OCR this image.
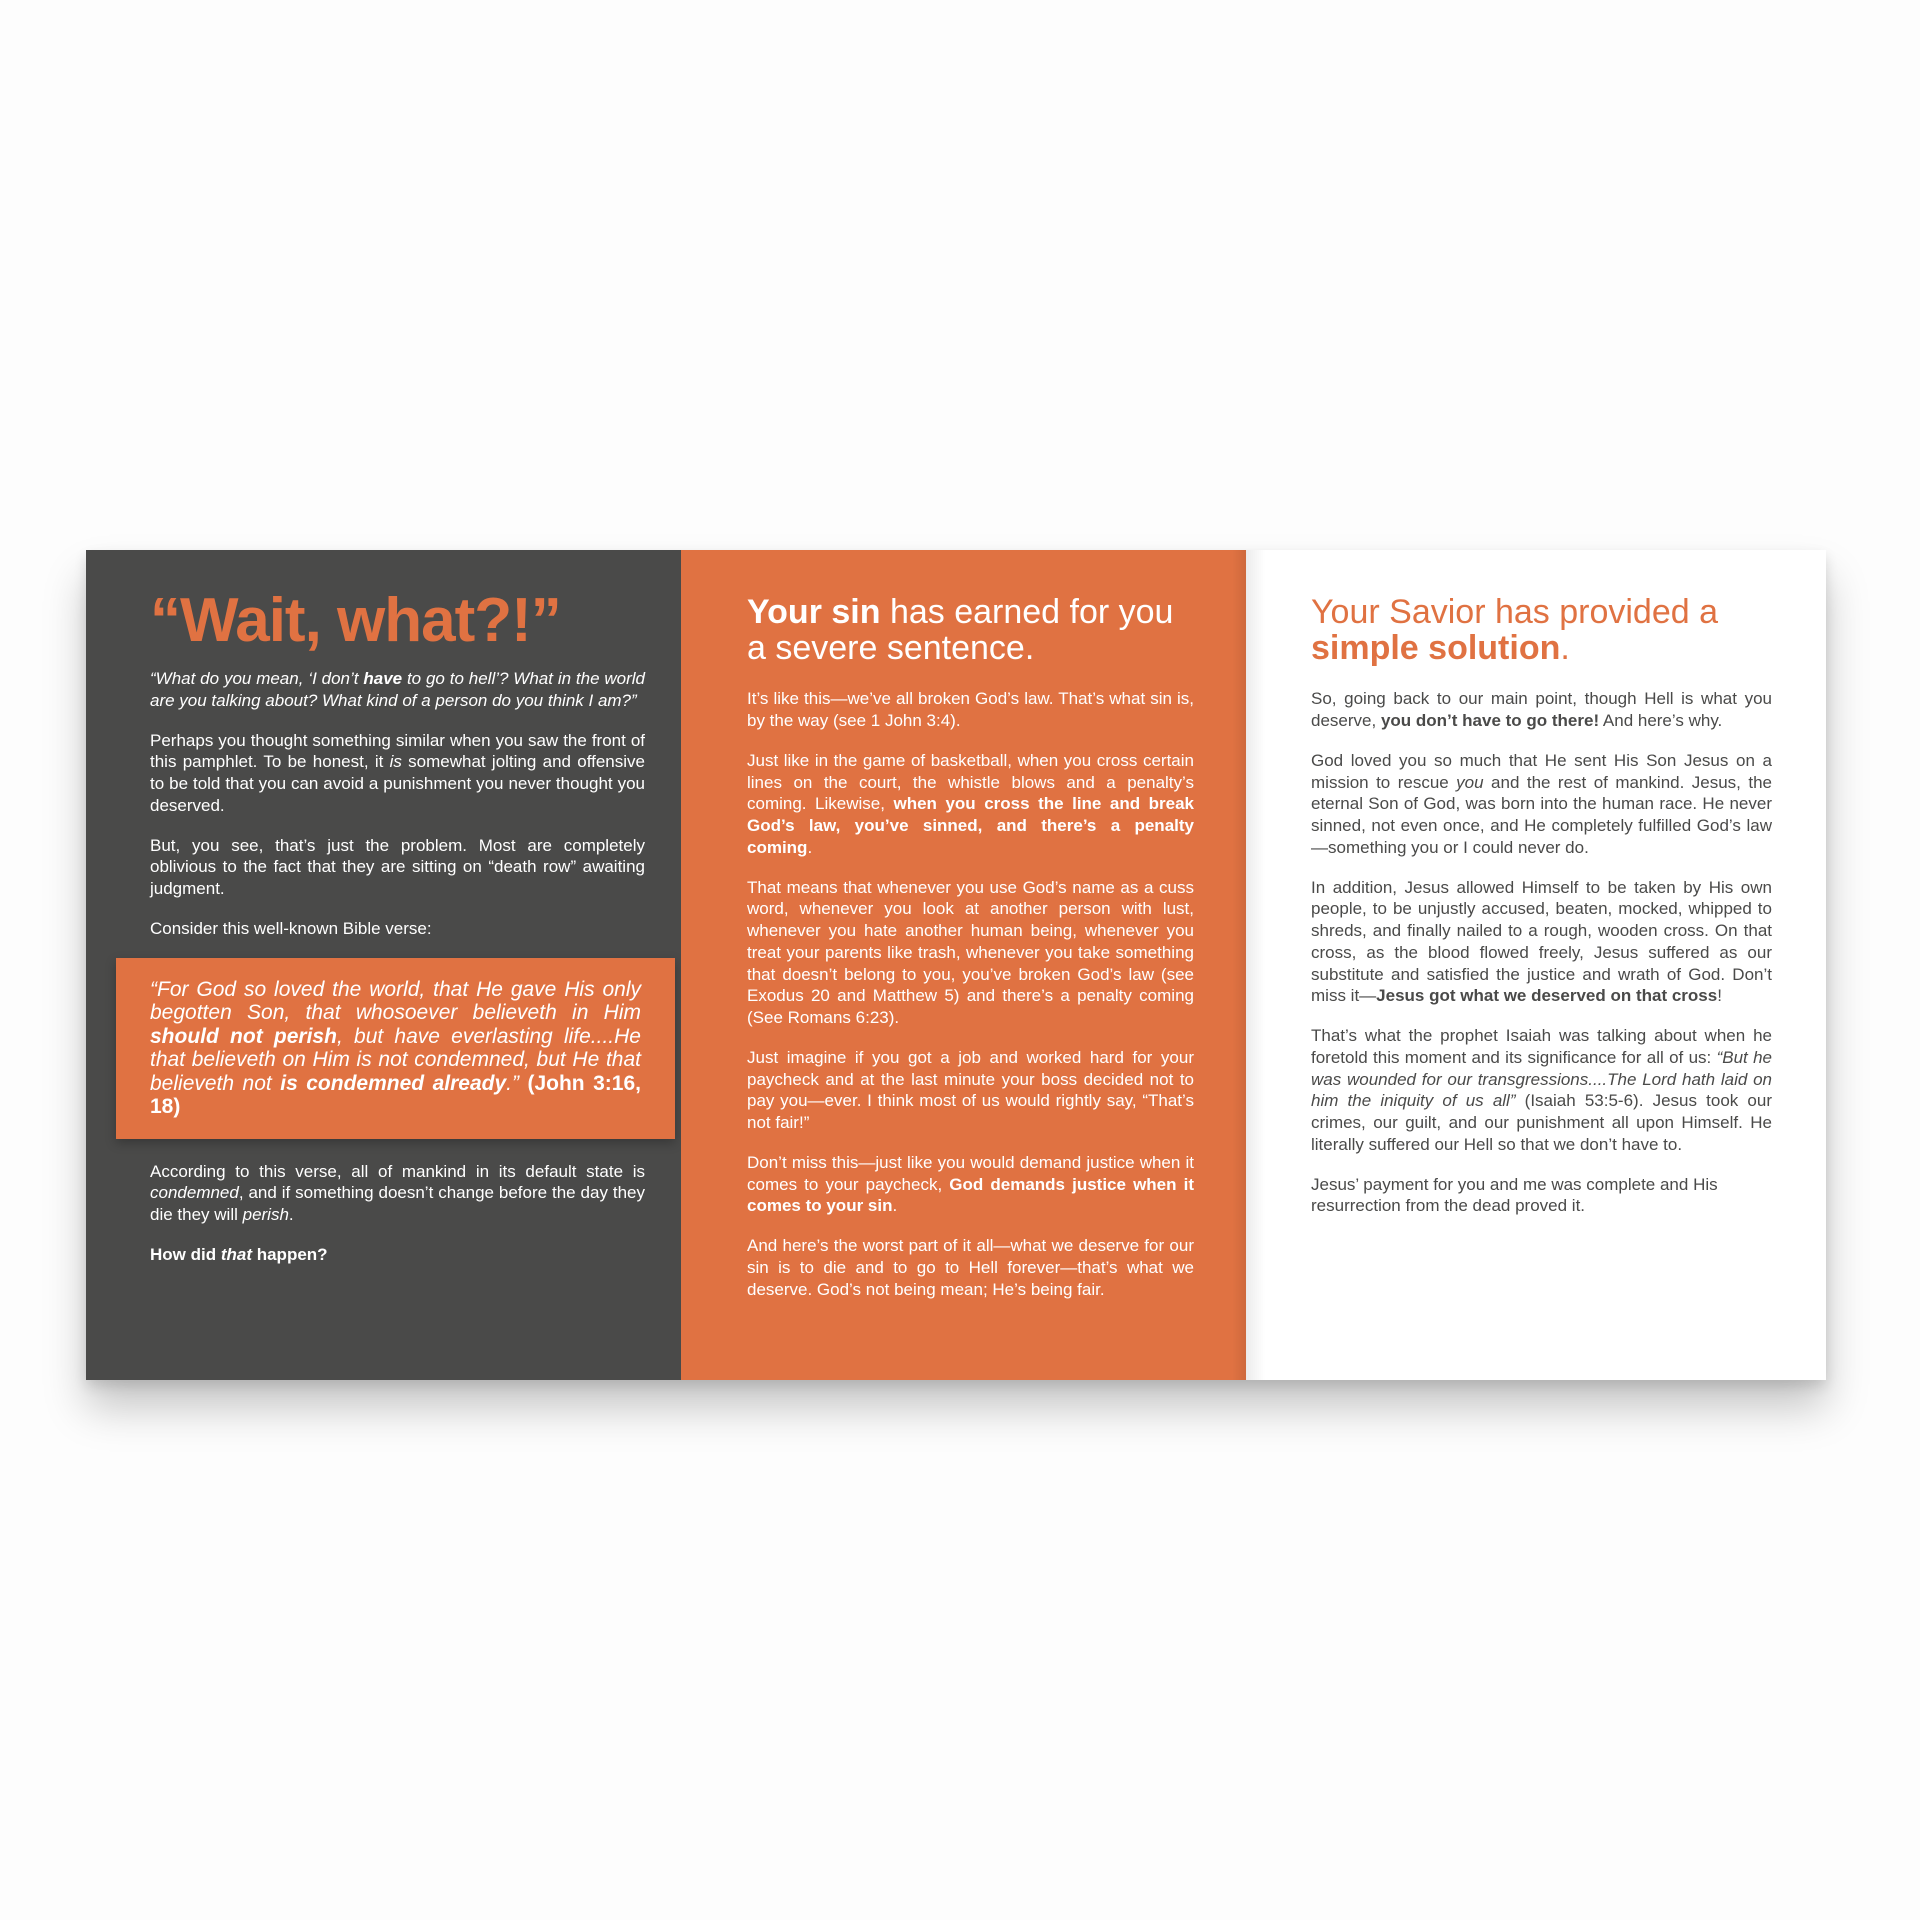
“Wait, what?!”

“What do you mean, ‘I don’t have to go to hell’? What in the world are you talking about? What kind of a person do you think I am?”

Perhaps you thought something similar when you saw the front of this pamphlet. To be honest, it is somewhat jolting and offensive to be told that you can avoid a punishment you never thought you deserved.

But, you see, that’s just the problem. Most are completely oblivious to the fact that they are sitting on “death row” awaiting judgment.

Consider this well-known Bible verse:

“For God so loved the world, that He gave His only begotten Son, that whosoever believeth in Him should not perish, but have everlasting life....He that believeth on Him is not condemned, but He that believeth not is condemned already.” (John 3:16, 18)

According to this verse, all of mankind in its default state is condemned, and if something doesn’t change before the day they die they will perish.

How did that happen?

Your sin has earned for you a severe sentence.

It’s like this—we’ve all broken God’s law. That’s what sin is, by the way (see 1 John 3:4).

Just like in the game of basketball, when you cross certain lines on the court, the whistle blows and a penalty’s coming. Likewise, when you cross the line and break God’s law, you’ve sinned, and there’s a penalty coming.

That means that whenever you use God’s name as a cuss word, whenever you look at another person with lust, whenever you hate another human being, whenever you treat your parents like trash, whenever you take something that doesn’t belong to you, you’ve broken God’s law (see Exodus 20 and Matthew 5) and there’s a penalty coming (See Romans 6:23).

Just imagine if you got a job and worked hard for your paycheck and at the last minute your boss decided not to pay you—ever. I think most of us would rightly say, “That’s not fair!”

Don’t miss this—just like you would demand justice when it comes to your paycheck, God demands justice when it comes to your sin.

And here’s the worst part of it all—what we deserve for our sin is to die and to go to Hell forever—that’s what we deserve. God’s not being mean; He’s being fair.

Your Savior has provided a simple solution.

So, going back to our main point, though Hell is what you deserve, you don’t have to go there! And here’s why.

God loved you so much that He sent His Son Jesus on a mission to rescue you and the rest of mankind. Jesus, the eternal Son of God, was born into the human race. He never sinned, not even once, and He completely fulfilled God’s law—something you or I could never do.

In addition, Jesus allowed Himself to be taken by His own people, to be unjustly accused, beaten, mocked, whipped to shreds, and finally nailed to a rough, wooden cross. On that cross, as the blood flowed freely, Jesus suffered as our substitute and satisfied the justice and wrath of God. Don’t miss it—Jesus got what we deserved on that cross!

That’s what the prophet Isaiah was talking about when he foretold this moment and its significance for all of us: “But he was wounded for our transgressions....The Lord hath laid on him the iniquity of us all” (Isaiah 53:5-6). Jesus took our crimes, our guilt, and our punishment all upon Himself. He literally suffered our Hell so that we don’t have to.

Jesus’ payment for you and me was complete and His resurrection from the dead proved it.
